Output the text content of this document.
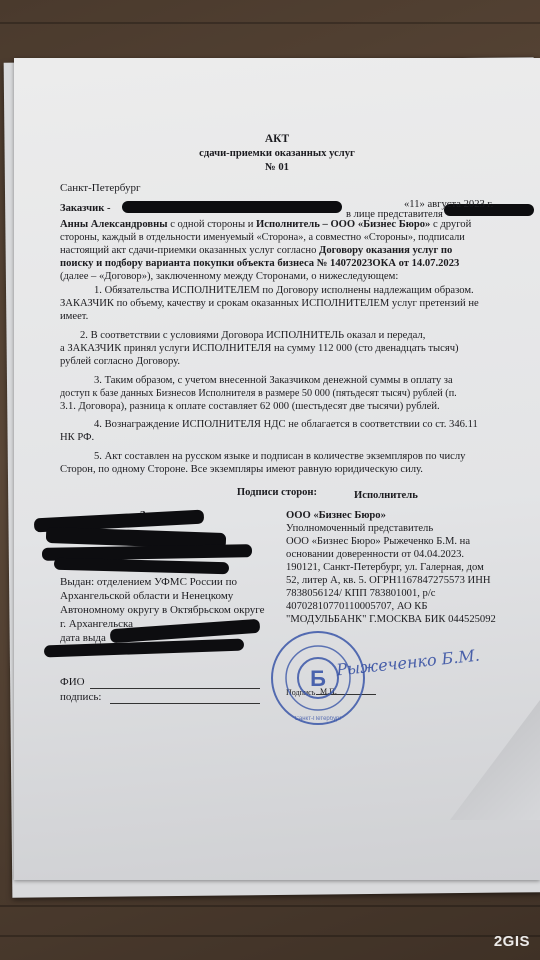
АКТ
сдачи-приемки оказанных услуг
№ 01
Санкт-Петербург
Заказчик -
в лице представителя
«11» августа 2023 г.
Анны Александровны с одной стороны и Исполнитель – ООО «Бизнес Бюро» с другой
стороны, каждый в отдельности именуемый «Сторона», а совместно «Стороны», подписали
настоящий акт сдачи-приемки оказанных услуг согласно Договору оказания услуг по
поиску и подбору варианта покупки объекта бизнеса № 14072023ОКА от 14.07.2023
(далее – «Договор»), заключенному между Сторонами, о нижеследующем:
1. Обязательства ИСПОЛНИТЕЛЕМ по Договору исполнены надлежащим образом.
ЗАКАЗЧИК по объему, качеству и срокам оказанных ИСПОЛНИТЕЛЕМ услуг претензий не
имеет.
2. В соответствии с условиями Договора ИСПОЛНИТЕЛЬ оказал и передал,
а ЗАКАЗЧИК принял услуги ИСПОЛНИТЕЛЯ на сумму 112 000 (сто двенадцать тысяч)
рублей согласно Договору.
3. Таким образом, с учетом внесенной Заказчиком денежной суммы в оплату за
доступ к базе данных Бизнесов Исполнителя в размере 50 000 (пятьдесят тысяч) рублей (п.
3.1. Договора), разница к оплате составляет 62 000 (шестьдесят две тысячи) рублей.
4. Вознаграждение ИСПОЛНИТЕЛЯ НДС не облагается в соответствии со ст. 346.11
НК РФ.
5. Акт составлен на русском языке и подписан в количестве экземпляров по числу
Сторон, по одному Стороне. Все экземпляры имеют равную юридическую силу.
Подписи сторон:
Выдан: отделением УФМС России по
Архангельской области и Ненецкому
Автономному округу в Октябрьском округе
г. Архангельска
дата выда
ФИО
подпись:
Исполнитель
ООО «Бизнес Бюро»
Уполномоченный представитель
ООО «Бизнес Бюро» Рыжеченко Б.М. на
основании доверенности от 04.04.2023.
190121, Санкт-Петербург, ул. Галерная, дом
52, литер А, кв. 5. ОГРН1167847275573 ИНН
7838056124/ КПП 783801001, р/с
40702810770110005707, АО КБ
"МОДУЛЬБАНК" Г.МОСКВА БИК 044525092
Подпись М.П.
Б
Санкт-Петербург
Рыжеченко Б.М.
2GIS
